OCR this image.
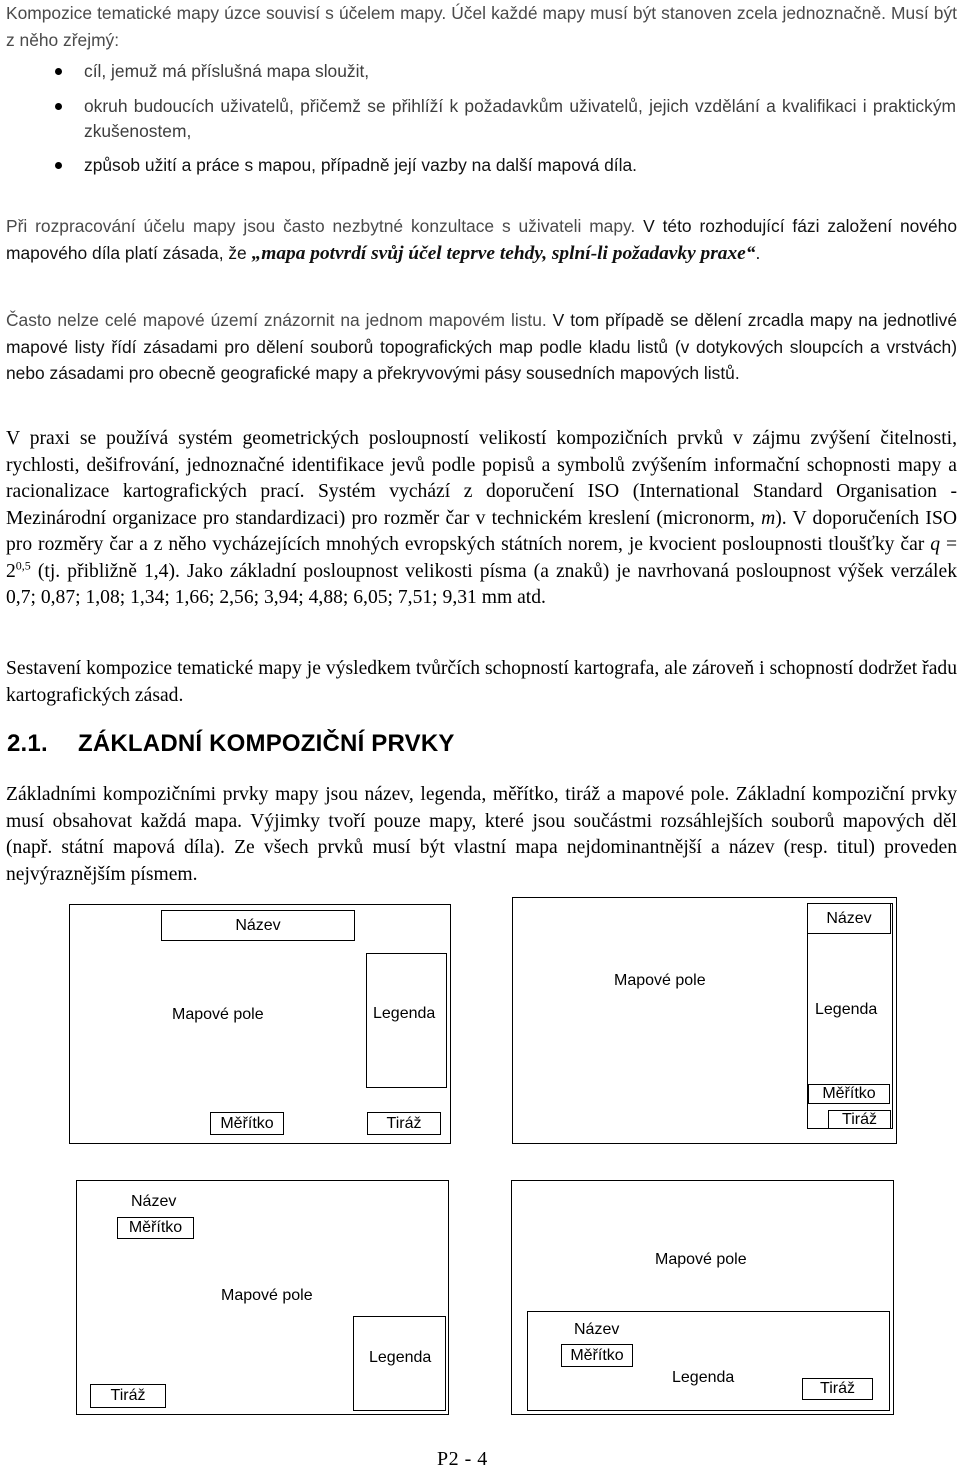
Kompozice tematické mapy úzce souvisí s účelem mapy. Účel každé mapy musí být stanoven zcela jednoznačně. Musí být z něho zřejmý:

cíl, jemuž má příslušná mapa sloužit,
okruh budoucích uživatelů, přičemž se přihlíží k požadavkům uživatelů, jejich vzdělání a kvalifikaci i praktickým zkušenostem,
způsob užití a práce s mapou, případně její vazby na další mapová díla.

Při rozpracování účelu mapy jsou často nezbytné konzultace s uživateli mapy. V této rozhodující fázi založení nového mapového díla platí zásada, že „mapa potvrdí svůj účel teprve tehdy, splní-li požadavky praxe“.

Často nelze celé mapové území znázornit na jednom mapovém listu. V tom případě se dělení zrcadla mapy na jednotlivé mapové listy řídí zásadami pro dělení souborů topografických map podle kladu listů (v dotykových sloupcích a vrstvách) nebo zásadami pro obecně geografické mapy a překryvovými pásy sousedních mapových listů.

V praxi se používá systém geometrických posloupností velikostí kompozičních prvků v zájmu zvýšení čitelnosti, rychlosti, dešifrování, jednoznačné identifikace jevů podle popisů a symbolů zvýšením informační schopnosti mapy a racionalizace kartografických prací. Systém vychází z doporučení ISO (International Standard Organisation - Mezinárodní organizace pro standardizaci) pro rozměr čar v technickém kreslení (micronorm, m). V doporučeních ISO pro rozměry čar a z něho vycházejících mnohých evropských státních norem, je kvocient posloupnosti tloušťky čar $q = 2^{0,5}$ (tj. přibližně 1,4). Jako základní posloupnost velikosti písma (a znaků) je navrhovaná posloupnost výšek verzálek 0,7; 0,87; 1,08; 1,34; 1,66; 2,56; 3,94; 4,88; 6,05; 7,51; 9,31 mm atd.

Sestavení kompozice tematické mapy je výsledkem tvůrčích schopností kartografa, ale zároveň i schopností dodržet řadu kartografických zásad.

2.1. ZÁKLADNÍ KOMPOZIČNÍ PRVKY

Základními kompozičními prvky mapy jsou název, legenda, měřítko, tiráž a mapové pole. Základní kompoziční prvky musí obsahovat každá mapa. Výjimky tvoří pouze mapy, které jsou součástmi rozsáhlejších souborů mapových děl (např. státní mapová díla). Ze všech prvků musí být vlastní mapa nejdominantnější a název (resp. titul) proveden nejvýraznějším písmem.

Název
Mapové pole	Legenda
Měřítko	Tiráž
Název
Legenda
Měřítko
Tiráž
Mapové pole
Název
Měřítko
Mapové pole
Legenda
Tiráž
Mapové pole
Název
Měřítko
Legenda
Tiráž
P2 - 4
